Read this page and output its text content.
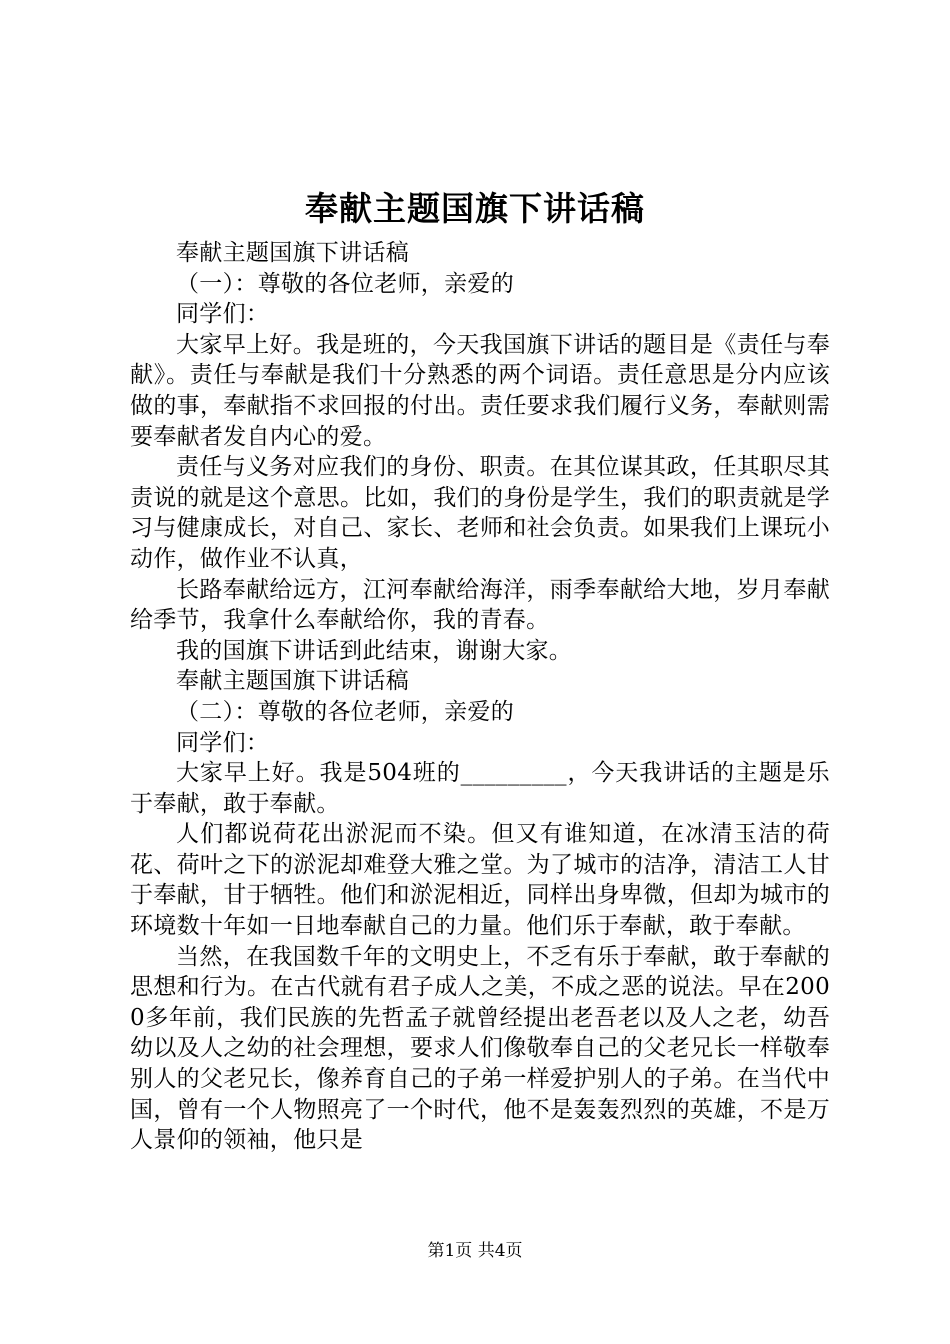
奉献主题国旗下讲话稿

奉献主题国旗下讲话稿

（一）：尊敬的各位老师，亲爱的

同学们：

大家早上好。我是班的，今天我国旗下讲话的题目是《责任与奉献》。责任与奉献是我们十分熟悉的两个词语。责任意思是分内应该做的事，奉献指不求回报的付出。责任要求我们履行义务，奉献则需要奉献者发自内心的爱。

责任与义务对应我们的身份、职责。在其位谋其政，任其职尽其责说的就是这个意思。比如，我们的身份是学生，我们的职责就是学习与健康成长，对自己、家长、老师和社会负责。如果我们上课玩小动作，做作业不认真，

长路奉献给远方，江河奉献给海洋，雨季奉献给大地，岁月奉献给季节，我拿什么奉献给你，我的青春。

我的国旗下讲话到此结束，谢谢大家。

奉献主题国旗下讲话稿

（二）：尊敬的各位老师，亲爱的

同学们：

大家早上好。我是504班的_________，今天我讲话的主题是乐于奉献，敢于奉献。

人们都说荷花出淤泥而不染。但又有谁知道，在冰清玉洁的荷花、荷叶之下的淤泥却难登大雅之堂。为了城市的洁净，清洁工人甘于奉献，甘于牺牲。他们和淤泥相近，同样出身卑微，但却为城市的环境数十年如一日地奉献自己的力量。他们乐于奉献，敢于奉献。

当然，在我国数千年的文明史上，不乏有乐于奉献，敢于奉献的思想和行为。在古代就有君子成人之美，不成之恶的说法。早在2000多年前，我们民族的先哲孟子就曾经提出老吾老以及人之老，幼吾幼以及人之幼的社会理想，要求人们像敬奉自己的父老兄长一样敬奉别人的父老兄长，像养育自己的子弟一样爱护别人的子弟。在当代中国，曾有一个人物照亮了一个时代，他不是轰轰烈烈的英雄，不是万人景仰的领袖，他只是

第1页 共4页
